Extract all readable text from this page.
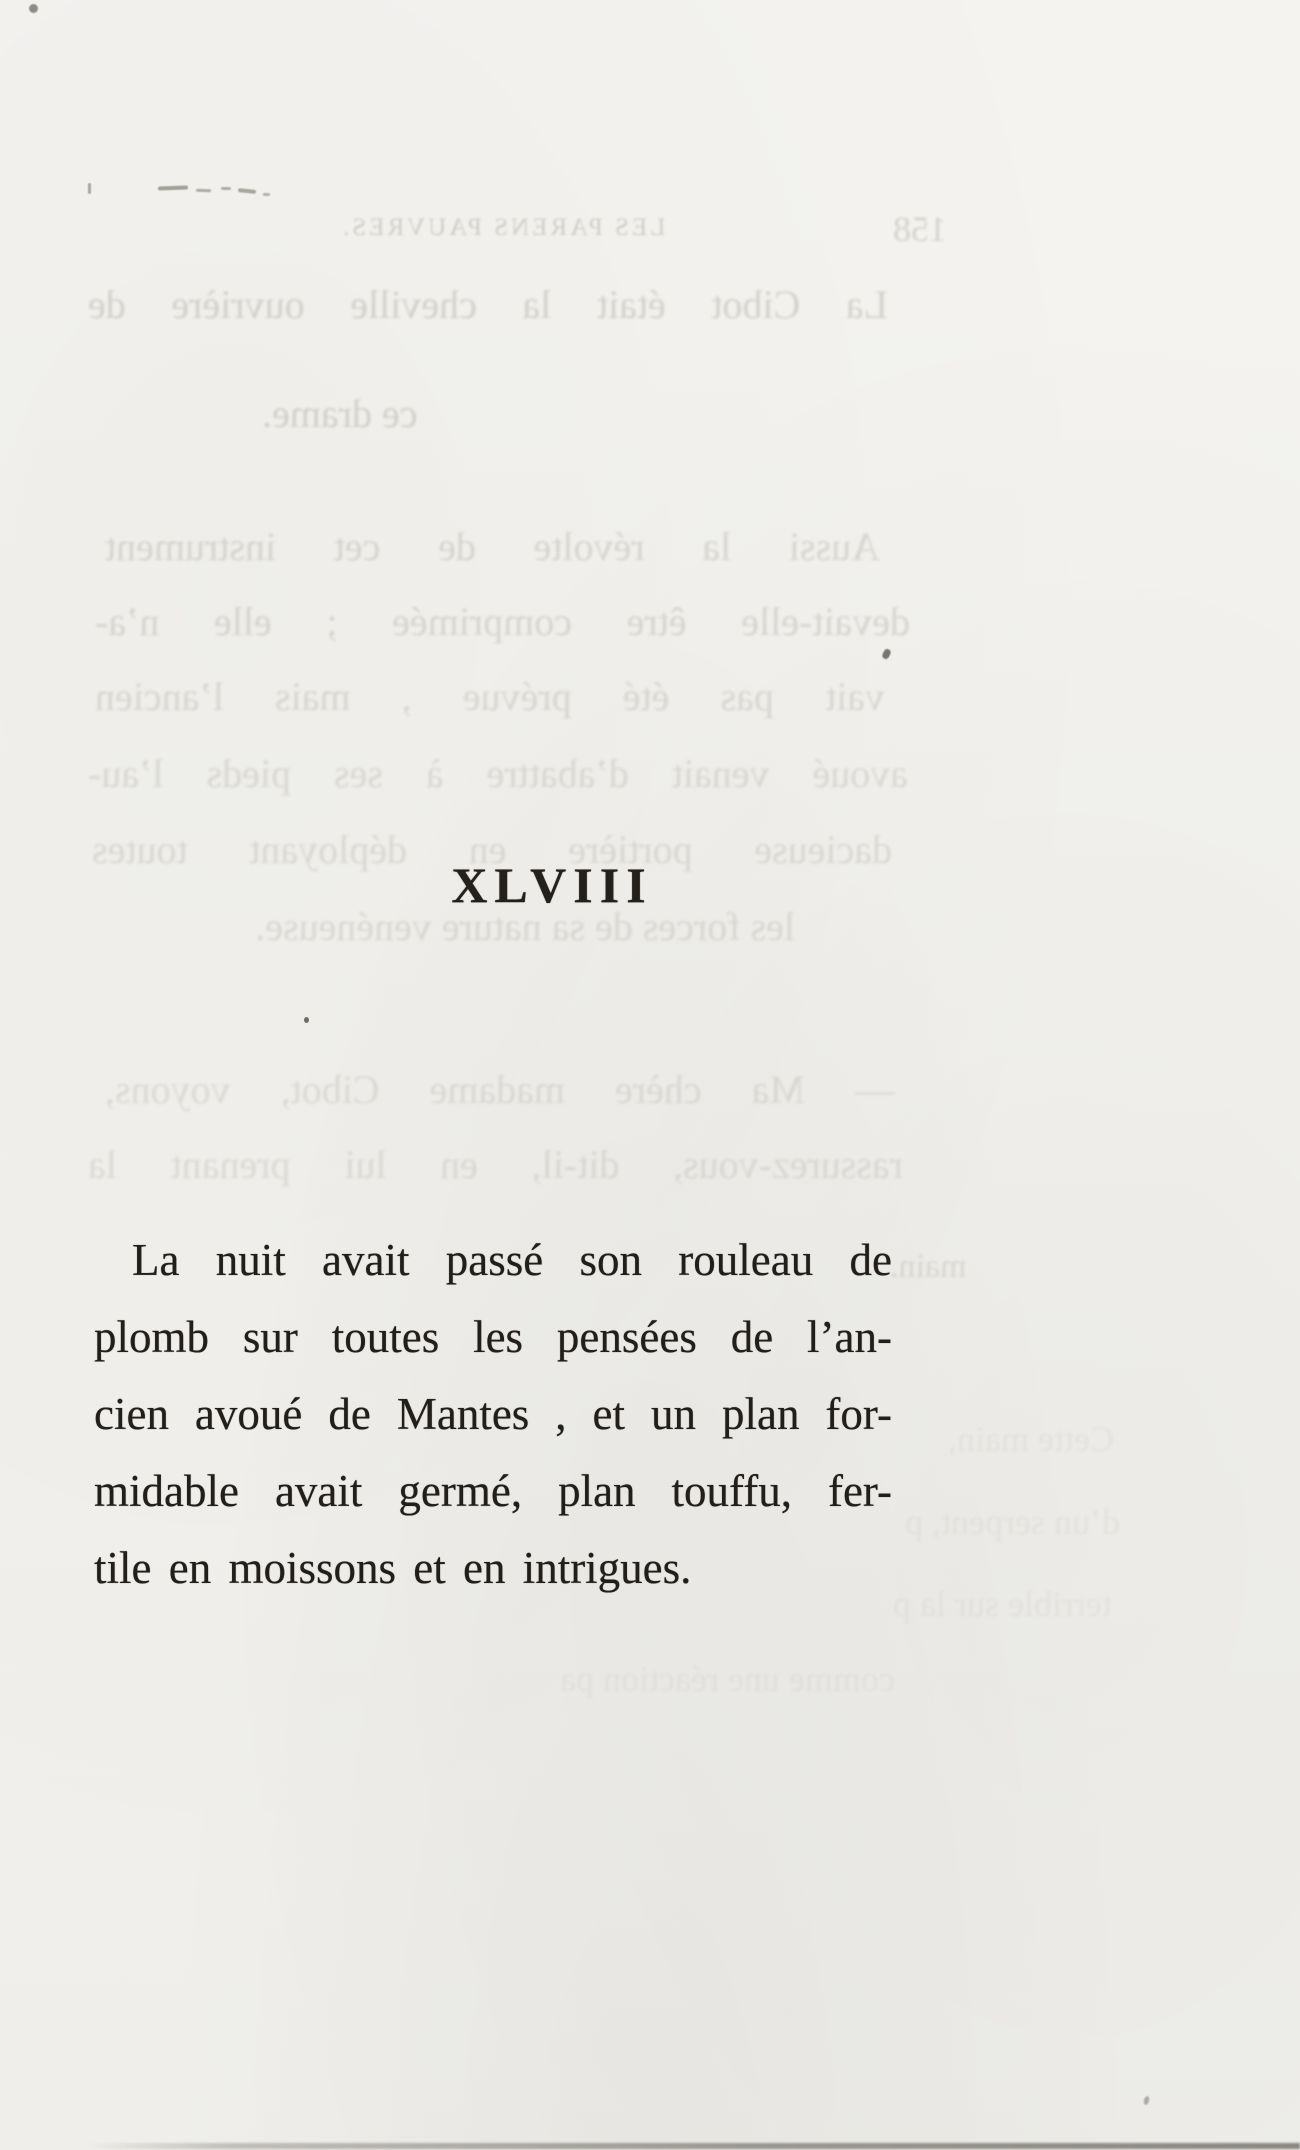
LES PARENS PAUVRES.	158
La Cibot était la cheville ouvrière de
ce drame.
Aussi la révolte de cet instrument
devait-elle être comprimée ; elle n’a-
vait pas été prévue , mais l’ancien
avoué venait d’abattre à ses pieds l’au-
dacieuse portière en déployant toutes
les forces de sa nature venéneuse.
— Ma chère madame Cibot, voyons,
rassurez-vous, dit-il, en lui prenant la
main.
Cette main,
d’un serpent, p
terrible sur la p
comme une réaction pa
XLVIII
La nuit avait passé son rouleau de
plomb sur toutes les pensées de l’an-
cien avoué de Mantes , et un plan for-
midable avait germé, plan touffu, fer-
tile en moissons et en intrigues.
